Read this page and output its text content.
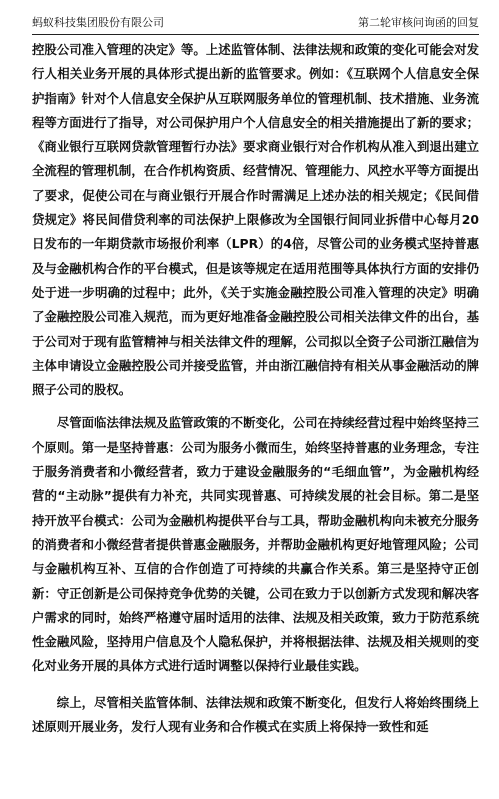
蚂蚁科技集团股份有限公司	第二轮审核问询函的回复

控股公司准入管理的决定》等。上述监管体制、法律法规和政策的变化可能会对发行人相关业务开展的具体形式提出新的监管要求。例如：《互联网个人信息安全保护指南》针对个人信息安全保护从互联网服务单位的管理机制、技术措施、业务流程等方面进行了指导，对公司保护用户个人信息安全的相关措施提出了新的要求；《商业银行互联网贷款管理暂行办法》要求商业银行对合作机构从准入到退出建立全流程的管理机制，在合作机构资质、经营情况、管理能力、风控水平等方面提出了要求，促使公司在与商业银行开展合作时需满足上述办法的相关规定；《民间借贷规定》将民间借贷利率的司法保护上限修改为全国银行间同业拆借中心每月20日发布的一年期贷款市场报价利率（LPR）的4倍，尽管公司的业务模式坚持普惠及与金融机构合作的平台模式，但是该等规定在适用范围等具体执行方面的安排仍处于进一步明确的过程中；此外，《关于实施金融控股公司准入管理的决定》明确了金融控股公司准入规范，而为更好地准备金融控股公司相关法律文件的出台，基于公司对于现有监管精神与相关法律文件的理解，公司拟以全资子公司浙江融信为主体申请设立金融控股公司并接受监管，并由浙江融信持有相关从事金融活动的牌照子公司的股权。

尽管面临法律法规及监管政策的不断变化，公司在持续经营过程中始终坚持三个原则。第一是坚持普惠：公司为服务小微而生，始终坚持普惠的业务理念，专注于服务消费者和小微经营者，致力于建设金融服务的“毛细血管”，为金融机构经营的“主动脉”提供有力补充，共同实现普惠、可持续发展的社会目标。第二是坚持开放平台模式：公司为金融机构提供平台与工具，帮助金融机构向未被充分服务的消费者和小微经营者提供普惠金融服务，并帮助金融机构更好地管理风险；公司与金融机构互补、互信的合作创造了可持续的共赢合作关系。第三是坚持守正创新：守正创新是公司保持竞争优势的关键，公司在致力于以创新方式发现和解决客户需求的同时，始终严格遵守届时适用的法律、法规及相关政策，致力于防范系统性金融风险，坚持用户信息及个人隐私保护，并将根据法律、法规及相关规则的变化对业务开展的具体方式进行适时调整以保持行业最佳实践。

综上，尽管相关监管体制、法律法规和政策不断变化，但发行人将始终围绕上述原则开展业务，发行人现有业务和合作模式在实质上将保持一致性和延
